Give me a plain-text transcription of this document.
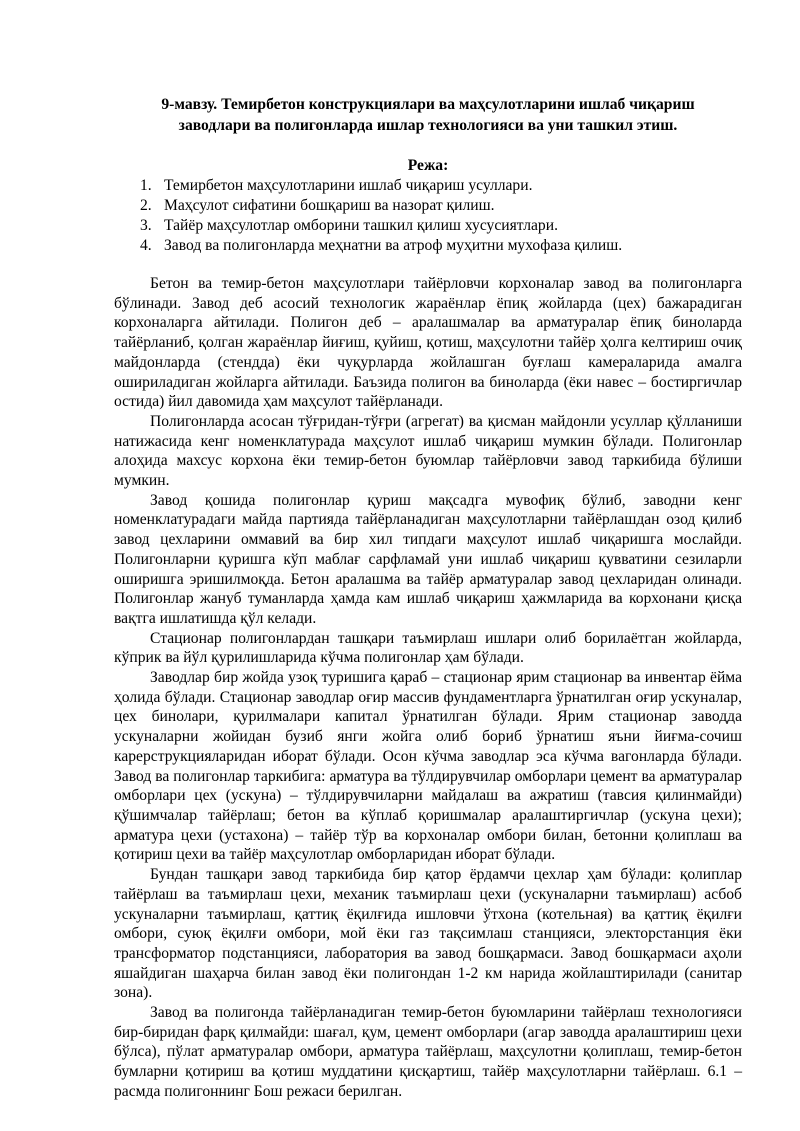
9-мавзу. Темирбетон конструкциялари ва маҳсулотларини ишлаб чиқариш
заводлари ва полигонларда ишлар технологияси ва уни ташкил этиш.

Режа:

1. Темирбетон маҳсулотларини ишлаб чиқариш усуллари.
2. Маҳсулот сифатини бошқариш ва назорат қилиш.
3. Тайёр маҳсулотлар омборини ташкил қилиш хусусиятлари.
4. Завод ва полигонларда меҳнатни ва атроф муҳитни мухофаза қилиш.

Бетон ва темир-бетон маҳсулотлари тайёрловчи корхоналар завод ва полигонларга бўлинади. Завод деб асосий технологик жараёнлар ёпиқ жойларда (цех) бажарадиган корхоналарга айтилади. Полигон деб – аралашмалар ва арматуралар ёпиқ биноларда тайёрланиб, қолган жараёнлар йиғиш, қуйиш, қотиш, маҳсулотни тайёр ҳолга келтириш очиқ майдонларда (стендда) ёки чуқурларда жойлашган буғлаш камераларида амалга ошириладиган жойларга айтилади. Баъзида полигон ва биноларда (ёки навес – бостиргичлар остида) йил давомида ҳам маҳсулот тайёрланади.

Полигонларда асосан тўғридан-тўғри (агрегат) ва қисман майдонли усуллар қўлланиши натижасида кенг номенклатурада маҳсулот ишлаб чиқариш мумкин бўлади. Полигонлар алоҳида махсус корхона ёки темир-бетон буюмлар тайёрловчи завод таркибида бўлиши мумкин.

Завод қошида полигонлар қуриш мақсадга мувофиқ бўлиб, заводни кенг номенклатурадаги майда партияда тайёрланадиган маҳсулотларни тайёрлашдан озод қилиб завод цехларини оммавий ва бир хил типдаги маҳсулот ишлаб чиқаришга мослайди. Полигонларни қуришга кўп маблағ сарфламай уни ишлаб чиқариш қувватини сезиларли оширишга эришилмоқда. Бетон аралашма ва тайёр арматуралар завод цехларидан олинади. Полигонлар жануб туманларда ҳамда кам ишлаб чиқариш ҳажмларида ва корхонани қисқа вақтга ишлатишда қўл келади.

Стационар полигонлардан ташқари таъмирлаш ишлари олиб борилаётган жойларда, кўприк ва йўл қурилишларида кўчма полигонлар ҳам бўлади.

Заводлар бир жойда узоқ туришига қараб – стационар ярим стационар ва инвентар ёйма ҳолида бўлади. Стационар заводлар оғир массив фундаментларга ўрнатилган оғир ускуналар, цех бинолари, қурилмалари капитал ўрнатилган бўлади. Ярим стационар заводда ускуналарни жойидан бузиб янги жойга олиб бориб ўрнатиш яъни йиғма-сочиш карерструкцияларидан иборат бўлади. Осон кўчма заводлар эса кўчма вагонларда бўлади. Завод ва полигонлар таркибига: арматура ва тўлдирувчилар омборлари цемент ва арматуралар омборлари цех (ускуна) – тўлдирувчиларни майдалаш ва ажратиш (тавсия қилинмайди) қўшимчалар тайёрлаш; бетон ва кўплаб қоришмалар аралаштиргичлар (ускуна цехи); арматура цехи (устахона) – тайёр тўр ва корхоналар омбори билан, бетонни қолиплаш ва қотириш цехи ва тайёр маҳсулотлар омборларидан иборат бўлади.

Бундан ташқари завод таркибида бир қатор ёрдамчи цехлар ҳам бўлади: қолиплар тайёрлаш ва таъмирлаш цехи, механик таъмирлаш цехи (ускуналарни таъмирлаш) асбоб ускуналарни таъмирлаш, қаттиқ ёқилғида ишловчи ўтхона (котельная) ва қаттиқ ёқилғи омбори, суюқ ёқилғи омбори, мой ёки газ тақсимлаш станцияси, электорстанция ёки трансформатор подстанцияси, лаборатория ва завод бошқармаси. Завод бошқармаси аҳоли яшайдиган шаҳарча билан завод ёки полигондан 1-2 км нарида жойлаштирилади (санитар зона).

Завод ва полигонда тайёрланадиган темир-бетон буюмларини тайёрлаш технологияси бир-биридан фарқ қилмайди: шағал, қум, цемент омборлари (агар заводда аралаштириш цехи бўлса), пўлат арматуралар омбори, арматура тайёрлаш, маҳсулотни қолиплаш, темир-бетон бумларни қотириш ва қотиш муддатини қисқартиш, тайёр маҳсулотларни тайёрлаш. 6.1 – расмда полигоннинг Бош режаси берилган.
